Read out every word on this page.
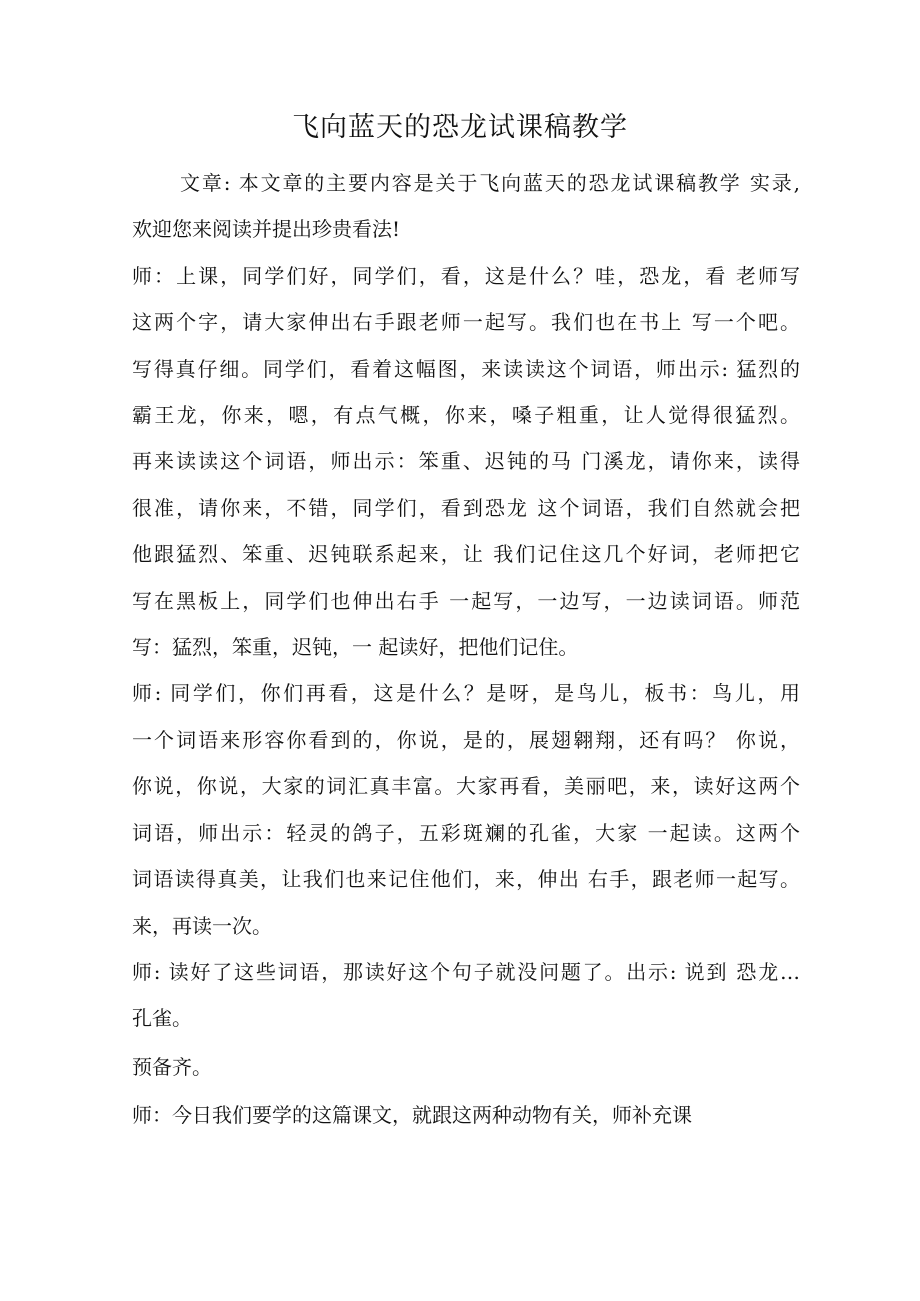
飞向蓝天的恐龙试课稿教学

文章: 本文章的主要内容是关于飞向蓝天的恐龙试课稿教学 实录,
欢迎您来阅读并提出珍贵看法!

师：上课，同学们好，同学们，看，这是什么？哇，恐龙，看 老师写
这两个字，请大家伸出右手跟老师一起写。我们也在书上 写一个吧。
写得真仔细。同学们，看着这幅图，来读读这个词语，师出示: 猛烈的
霸王龙，你来，嗯，有点气概，你来，嗓子粗重，让人觉得很猛烈。
再来读读这个词语，师出示：笨重、迟钝的马 门溪龙，请你来，读得
很准，请你来，不错，同学们，看到恐龙 这个词语，我们自然就会把
他跟猛烈、笨重、迟钝联系起来，让 我们记住这几个好词，老师把它
写在黑板上，同学们也伸出右手 一起写，一边写，一边读词语。师范
写：猛烈，笨重，迟钝，一 起读好，把他们记住。

师: 同学们，你们再看，这是什么？是呀，是鸟儿，板书：鸟儿，用
一个词语来形容你看到的，你说，是的，展翅翱翔，还有吗？ 你说，
你说，你说，大家的词汇真丰富。大家再看，美丽吧，来，读好这两个
词语，师出示：轻灵的鸽子，五彩斑斓的孔雀，大家 一起读。这两个
词语读得真美，让我们也来记住他们，来，伸出 右手，跟老师一起写。
来，再读一次。

师: 读好了这些词语，那读好这个句子就没问题了。出示: 说到 恐龙…
孔雀。

预备齐。

师：今日我们要学的这篇课文，就跟这两种动物有关，师补充课
